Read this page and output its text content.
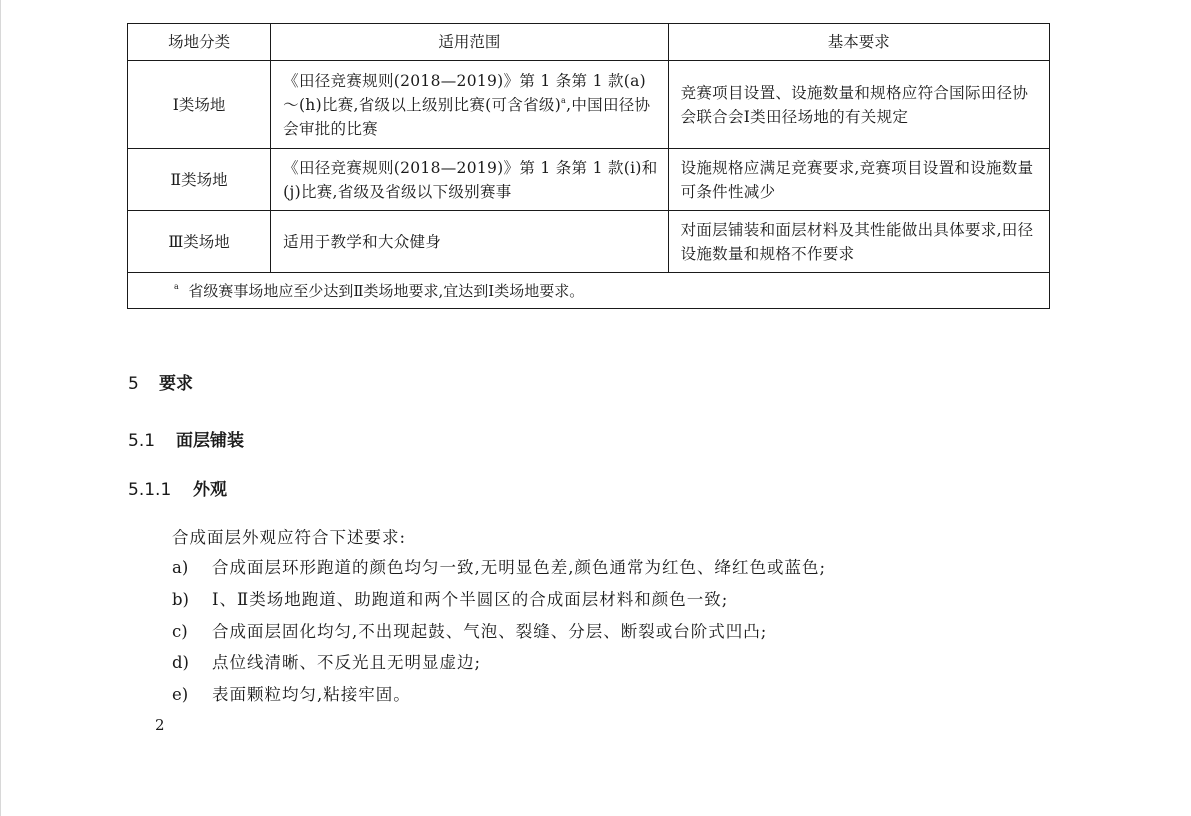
场地分类	适用范围	基本要求
Ⅰ类场地	《田径竞赛规则(2018—2019)》第 1 条第 1 款(a)～(h)比赛,省级以上级别比赛(可含省级)$^a$,中国田径协会审批的比赛	竞赛项目设置、设施数量和规格应符合国际田径协会联合会Ⅰ类田径场地的有关规定
Ⅱ类场地	《田径竞赛规则(2018—2019)》第 1 条第 1 款(i)和(j)比赛,省级及省级以下级别赛事	设施规格应满足竞赛要求,竞赛项目设置和设施数量可条件性减少
Ⅲ类场地	适用于教学和大众健身	对面层铺装和面层材料及其性能做出具体要求,田径设施数量和规格不作要求
$^a$ 省级赛事场地应至少达到Ⅱ类场地要求,宜达到Ⅰ类场地要求。		
5 要求
5.1 面层铺装
5.1.1 外观
合成面层外观应符合下述要求:
a) 合成面层环形跑道的颜色均匀一致,无明显色差,颜色通常为红色、绛红色或蓝色;
b) Ⅰ、Ⅱ类场地跑道、助跑道和两个半圆区的合成面层材料和颜色一致;
c) 合成面层固化均匀,不出现起鼓、气泡、裂缝、分层、断裂或台阶式凹凸;
d) 点位线清晰、不反光且无明显虚边;
e) 表面颗粒均匀,粘接牢固。
2
